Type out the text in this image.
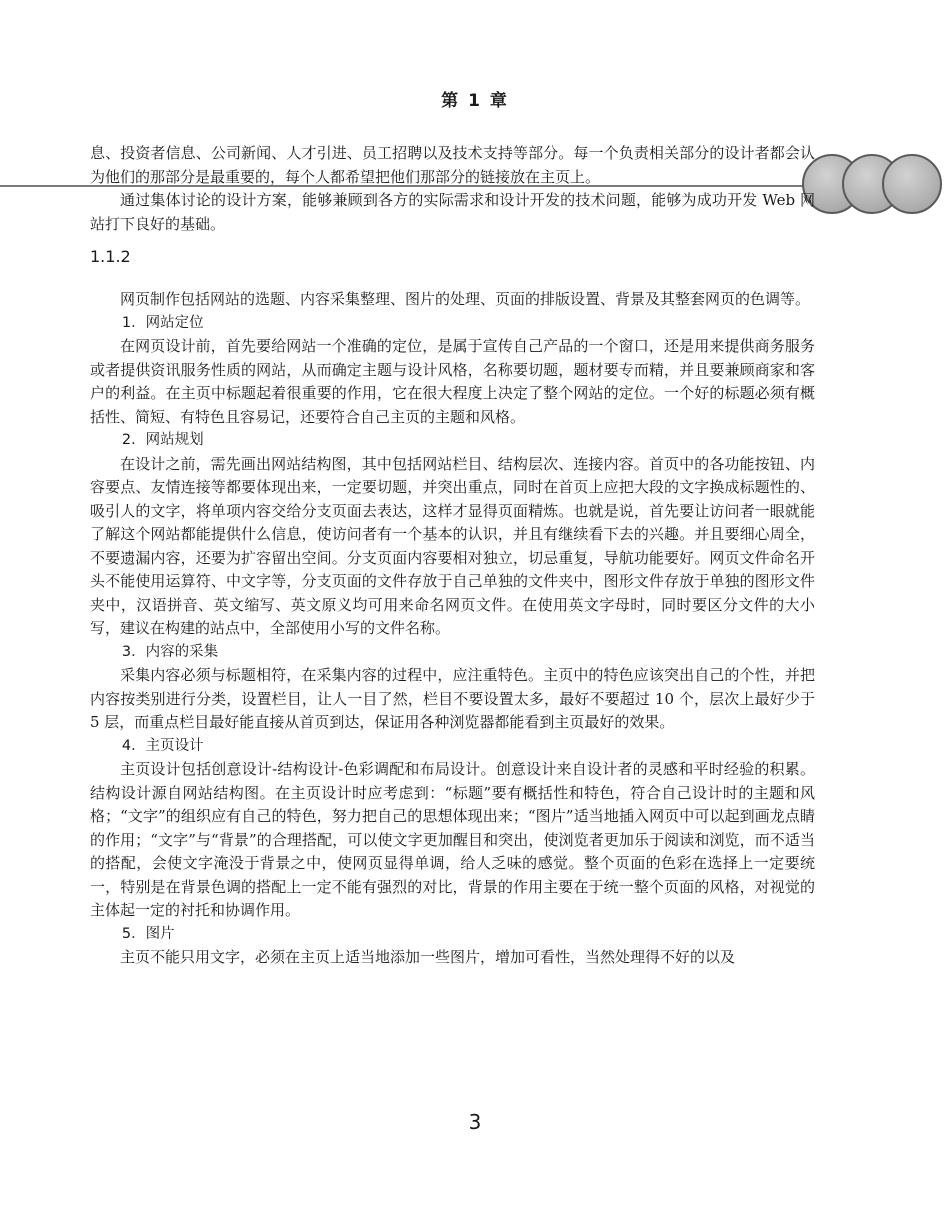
第 1 章

息、投资者信息、公司新闻、人才引进、员工招聘以及技术支持等部分。每一个负责相关部分的设计者都会认为他们的那部分是最重要的，每个人都希望把他们那部分的链接放在主页上。

通过集体讨论的设计方案，能够兼顾到各方的实际需求和设计开发的技术问题，能够为成功开发 Web 网站打下良好的基础。

1.1.2

网页制作包括网站的选题、内容采集整理、图片的处理、页面的排版设置、背景及其整套网页的色调等。

1．网站定位

在网页设计前，首先要给网站一个准确的定位，是属于宣传自己产品的一个窗口，还是用来提供商务服务或者提供资讯服务性质的网站，从而确定主题与设计风格，名称要切题，题材要专而精，并且要兼顾商家和客户的利益。在主页中标题起着很重要的作用，它在很大程度上决定了整个网站的定位。一个好的标题必须有概括性、简短、有特色且容易记，还要符合自己主页的主题和风格。

2．网站规划

在设计之前，需先画出网站结构图，其中包括网站栏目、结构层次、连接内容。首页中的各功能按钮、内容要点、友情连接等都要体现出来，一定要切题，并突出重点，同时在首页上应把大段的文字换成标题性的、吸引人的文字，将单项内容交给分支页面去表达，这样才显得页面精炼。也就是说，首先要让访问者一眼就能了解这个网站都能提供什么信息，使访问者有一个基本的认识，并且有继续看下去的兴趣。并且要细心周全，不要遗漏内容，还要为扩容留出空间。分支页面内容要相对独立，切忌重复，导航功能要好。网页文件命名开头不能使用运算符、中文字等，分支页面的文件存放于自己单独的文件夹中，图形文件存放于单独的图形文件夹中，汉语拼音、英文缩写、英文原义均可用来命名网页文件。在使用英文字母时，同时要区分文件的大小写，建议在构建的站点中，全部使用小写的文件名称。

3．内容的采集

采集内容必须与标题相符，在采集内容的过程中，应注重特色。主页中的特色应该突出自己的个性，并把内容按类别进行分类，设置栏目，让人一目了然，栏目不要设置太多，最好不要超过 10 个，层次上最好少于 5 层，而重点栏目最好能直接从首页到达，保证用各种浏览器都能看到主页最好的效果。

4．主页设计

主页设计包括创意设计-结构设计-色彩调配和布局设计。创意设计来自设计者的灵感和平时经验的积累。结构设计源自网站结构图。在主页设计时应考虑到：“标题”要有概括性和特色，符合自己设计时的主题和风格；“文字”的组织应有自己的特色，努力把自己的思想体现出来；“图片”适当地插入网页中可以起到画龙点睛的作用；“文字”与“背景”的合理搭配，可以使文字更加醒目和突出，使浏览者更加乐于阅读和浏览，而不适当的搭配，会使文字淹没于背景之中，使网页显得单调，给人乏味的感觉。整个页面的色彩在选择上一定要统一，特别是在背景色调的搭配上一定不能有强烈的对比，背景的作用主要在于统一整个页面的风格，对视觉的主体起一定的衬托和协调作用。

5．图片

主页不能只用文字，必须在主页上适当地添加一些图片，增加可看性，当然处理得不好的以及

3
